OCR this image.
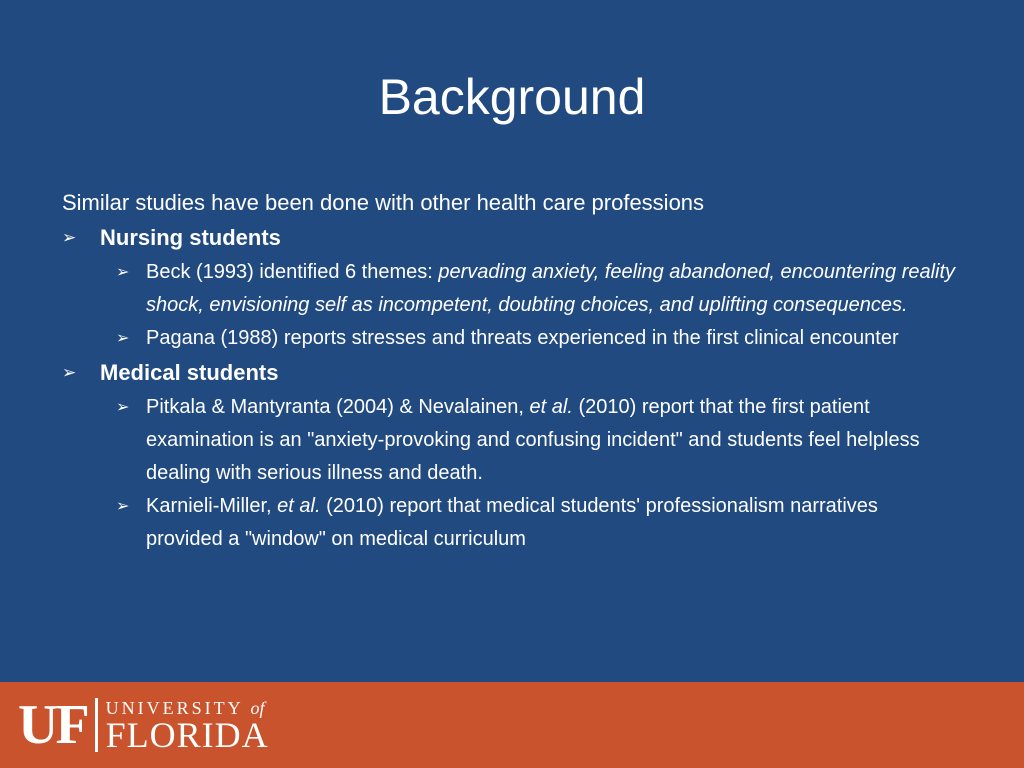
Background
Similar studies have been done with other health care professions
➢ Nursing students
➢ Beck (1993) identified 6 themes: pervading anxiety, feeling abandoned, encountering reality shock, envisioning self as incompetent, doubting choices, and uplifting consequences.
➢ Pagana (1988) reports stresses and threats experienced in the first clinical encounter
➢ Medical students
➢ Pitkala & Mantyranta (2004) & Nevalainen, et al. (2010) report that the first patient examination is an "anxiety-provoking and confusing incident" and students feel helpless dealing with serious illness and death.
➢ Karnieli-Miller, et al. (2010) report that medical students' professionalism narratives provided a "window" on medical curriculum
UF	UNIVERSITY of
FLORIDA
